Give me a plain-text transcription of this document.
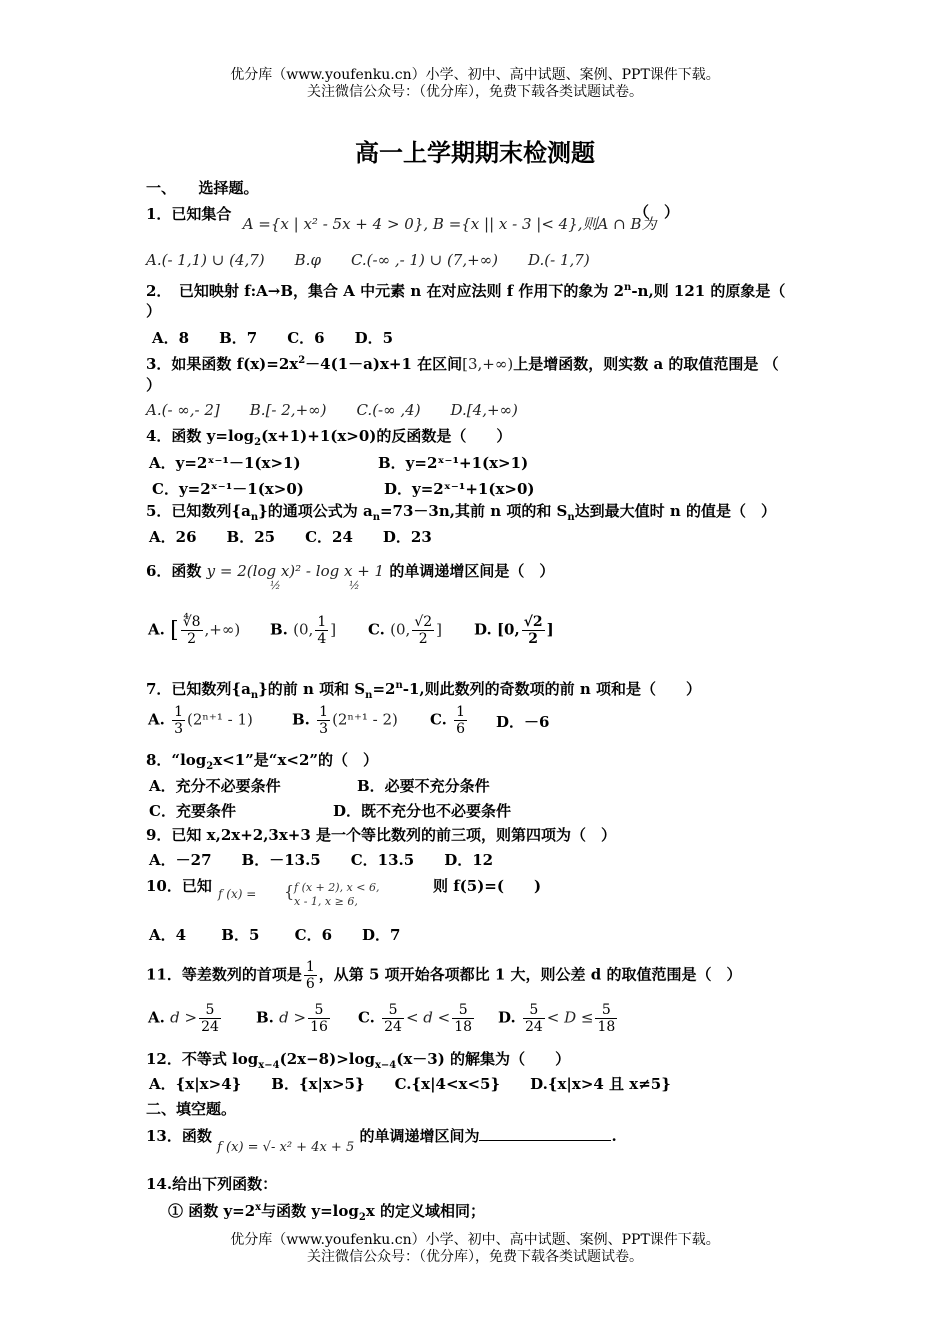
优分库（www.youfenku.cn）小学、初中、高中试题、案例、PPT课件下载。
关注微信公众号：（优分库），免费下载各类试题试卷。
高一上学期期末检测题
一、　　选择题。
1．已知集合 A ={x | x² - 5x + 4 > 0}, B ={x || x - 3 |< 4},则A ∩ B为
（　）
A.(- 1,1) ∪ (4,7)　　B.φ　　C.(-∞ ,- 1) ∪ (7,+∞)　　D.(- 1,7)
2．　已知映射 f:A→B，集合 A 中元素 n 在对应法则 f 作用下的象为 2$^n$-n,则 121 的原象是（
）
A．8　　B．7　　C．6　　D．5
3．如果函数 $f(x)=2x^2-4(1-a)x+1$ 在区间[3,+∞)上是增函数，则实数 a 的取值范围是 （
）
A.(- ∞,- 2]　　B.[- 2,+∞)　　C.(-∞ ,4)　　D.[4,+∞)
4．函数 $y=\log_2(x+1)+1(x>0)$的反函数是（　　）
A．y=2ˣ⁻¹－1(x>1)	B．y=2ˣ⁻¹+1(x>1)
C．y=2ˣ⁻¹－1(x>0)	D．y=2ˣ⁻¹+1(x>0)
5．已知数列$\{a_n\}$的通项公式为 $a_n=73-3n$,其前 n 项的和 $S_n$达到最大值时 n 的值是（　）
A．26　　B．25　　C．24　　D．23
6．函数 y = 2(log x)² - log x + 1 的单调递增区间是（　）
½	½
A. [ $\frac{∜8}{2}$ ,+∞) B. (0, $\frac{1}{4}$ ] C. (0, $\frac{√2}{2}$ ] D. [0, $\frac{√2}{2}$ ]
7．已知数列$\{a_n\}$的前 n 项和 $S_n=2^n-1$,则此数列的奇数项的前 n 项和是（　　）
A. $\frac{1}{3} (2^{n+1} - 1)$	B. $\frac{1}{3} (2^{n+1} - 2)$ C. $\frac{1}{6}$ D．－6
8．“$\log_2x<1$”是“x<2”的（　）
A．充分不必要条件	B．必要不充分条件
C．充要条件	D．既不充分也不必要条件
9．已知 x,2x+2,3x+3 是一个等比数列的前三项，则第四项为（　）
A．－27　　B．－13.5　　C．13.5　　D．12
10．已知 f (x) = { f (x + 2), x < 6,
x - 1, x ≥ 6,
则 f(5)=(　　)
A．4　　 B．5　　 C．6　　D．7
11．等差数列的首项是 $\frac{1}{6}$ ，从第 5 项开始各项都比 1 大，则公差 d 的取值范围是（　）
A. $d > \frac{5}{24} B$. $d > \frac{5}{16} C$. $\frac{5}{24} < d < \frac{5}{18} D$. $\frac{5}{24} < D \le \frac{5}{18}$
12．不等式 $\log_{x-4}(2x-8)>\log_{x-4}(x-3)$ 的解集为（　　）
A．{x|x>4}　　B．{x|x>5}　　C.{x|4<x<5}　　D.{x|x>4 且 x≠5}
二、填空题。
13．函数 f (x) = √- x² + 4x + 5 的单调递增区间为	.
14.给出下列函数：
① 函数 $y=2^x$与函数 $y=\log_2x$ 的定义域相同；
优分库（www.youfenku.cn）小学、初中、高中试题、案例、PPT课件下载。
关注微信公众号：（优分库），免费下载各类试题试卷。
